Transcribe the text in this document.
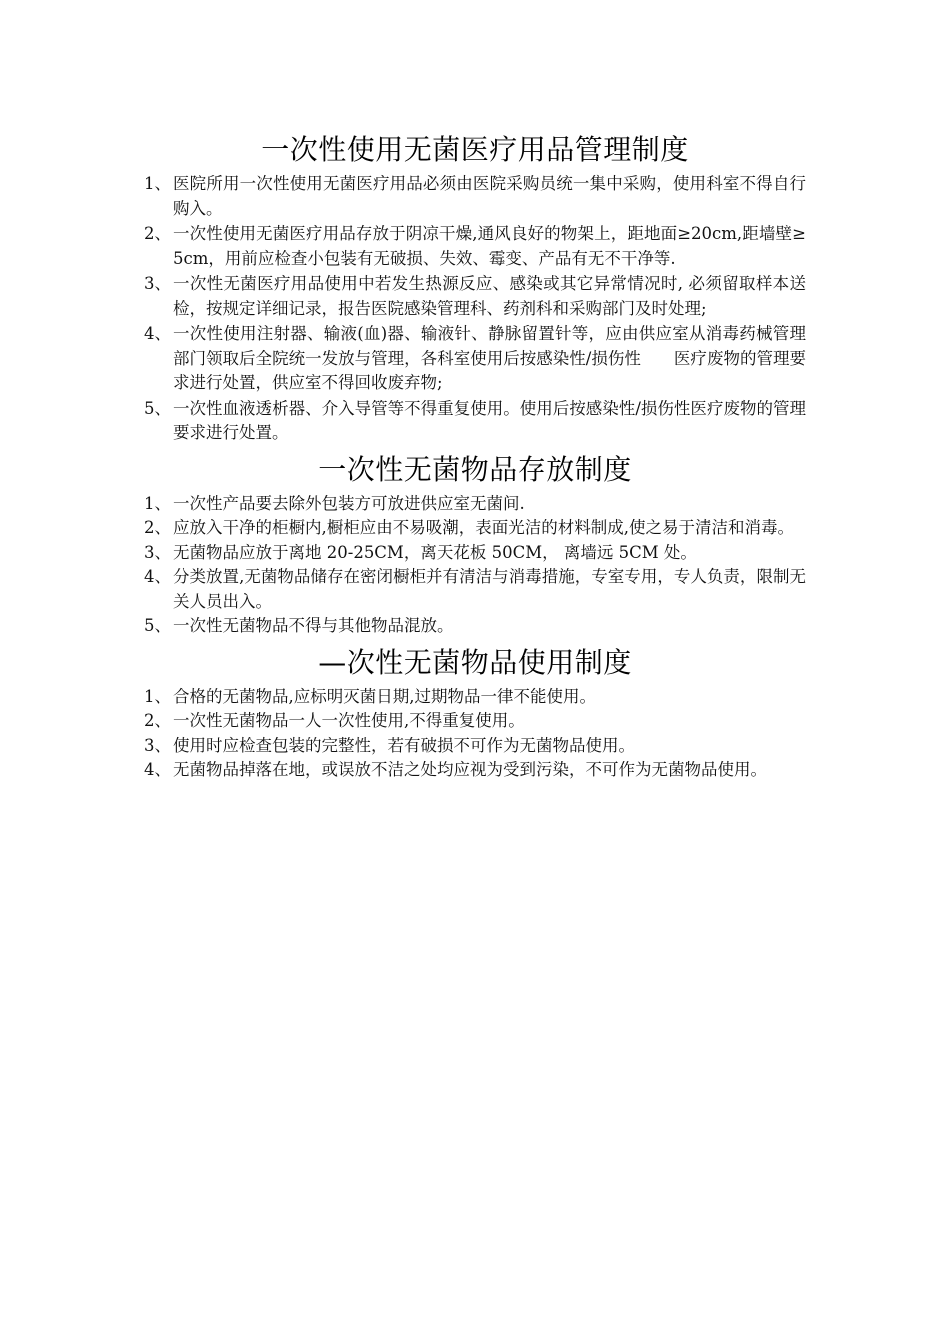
一次性使用无菌医疗用品管理制度
1、 医院所用一次性使用无菌医疗用品必须由医院采购员统一集中采购，使用科室不得自行购入。
2、 一次性使用无菌医疗用品存放于阴凉干燥,通风良好的物架上，距地面≥20cm,距墙壁≥5cm，用前应检查小包装有无破损、失效、霉变、产品有无不干净等.
3、 一次性无菌医疗用品使用中若发生热源反应、感染或其它异常情况时, 必须留取样本送检，按规定详细记录，报告医院感染管理科、药剂科和采购部门及时处理;
4、 一次性使用注射器、输液(血)器、输液针、静脉留置针等，应由供应室从消毒药械管理部门领取后全院统一发放与管理，各科室使用后按感染性/损伤性　　医疗废物的管理要求进行处置，供应室不得回收废弃物;
5、 一次性血液透析器、介入导管等不得重复使用。使用后按感染性/损伤性医疗废物的管理要求进行处置。
一次性无菌物品存放制度
1、 一次性产品要去除外包装方可放进供应室无菌间.
2、 应放入干净的柜橱内,橱柜应由不易吸潮，表面光洁的材料制成,使之易于清洁和消毒。
3、 无菌物品应放于离地 20-25CM，离天花板 50CM， 离墙远 5CM 处。
4、 分类放置,无菌物品储存在密闭橱柜并有清洁与消毒措施，专室专用，专人负责，限制无关人员出入。
5、 一次性无菌物品不得与其他物品混放。
—次性无菌物品使用制度
1、 合格的无菌物品,应标明灭菌日期,过期物品一律不能使用。
2、 一次性无菌物品一人一次性使用,不得重复使用。
3、 使用时应检查包装的完整性，若有破损不可作为无菌物品使用。
4、 无菌物品掉落在地，或误放不洁之处均应视为受到污染，不可作为无菌物品使用。
